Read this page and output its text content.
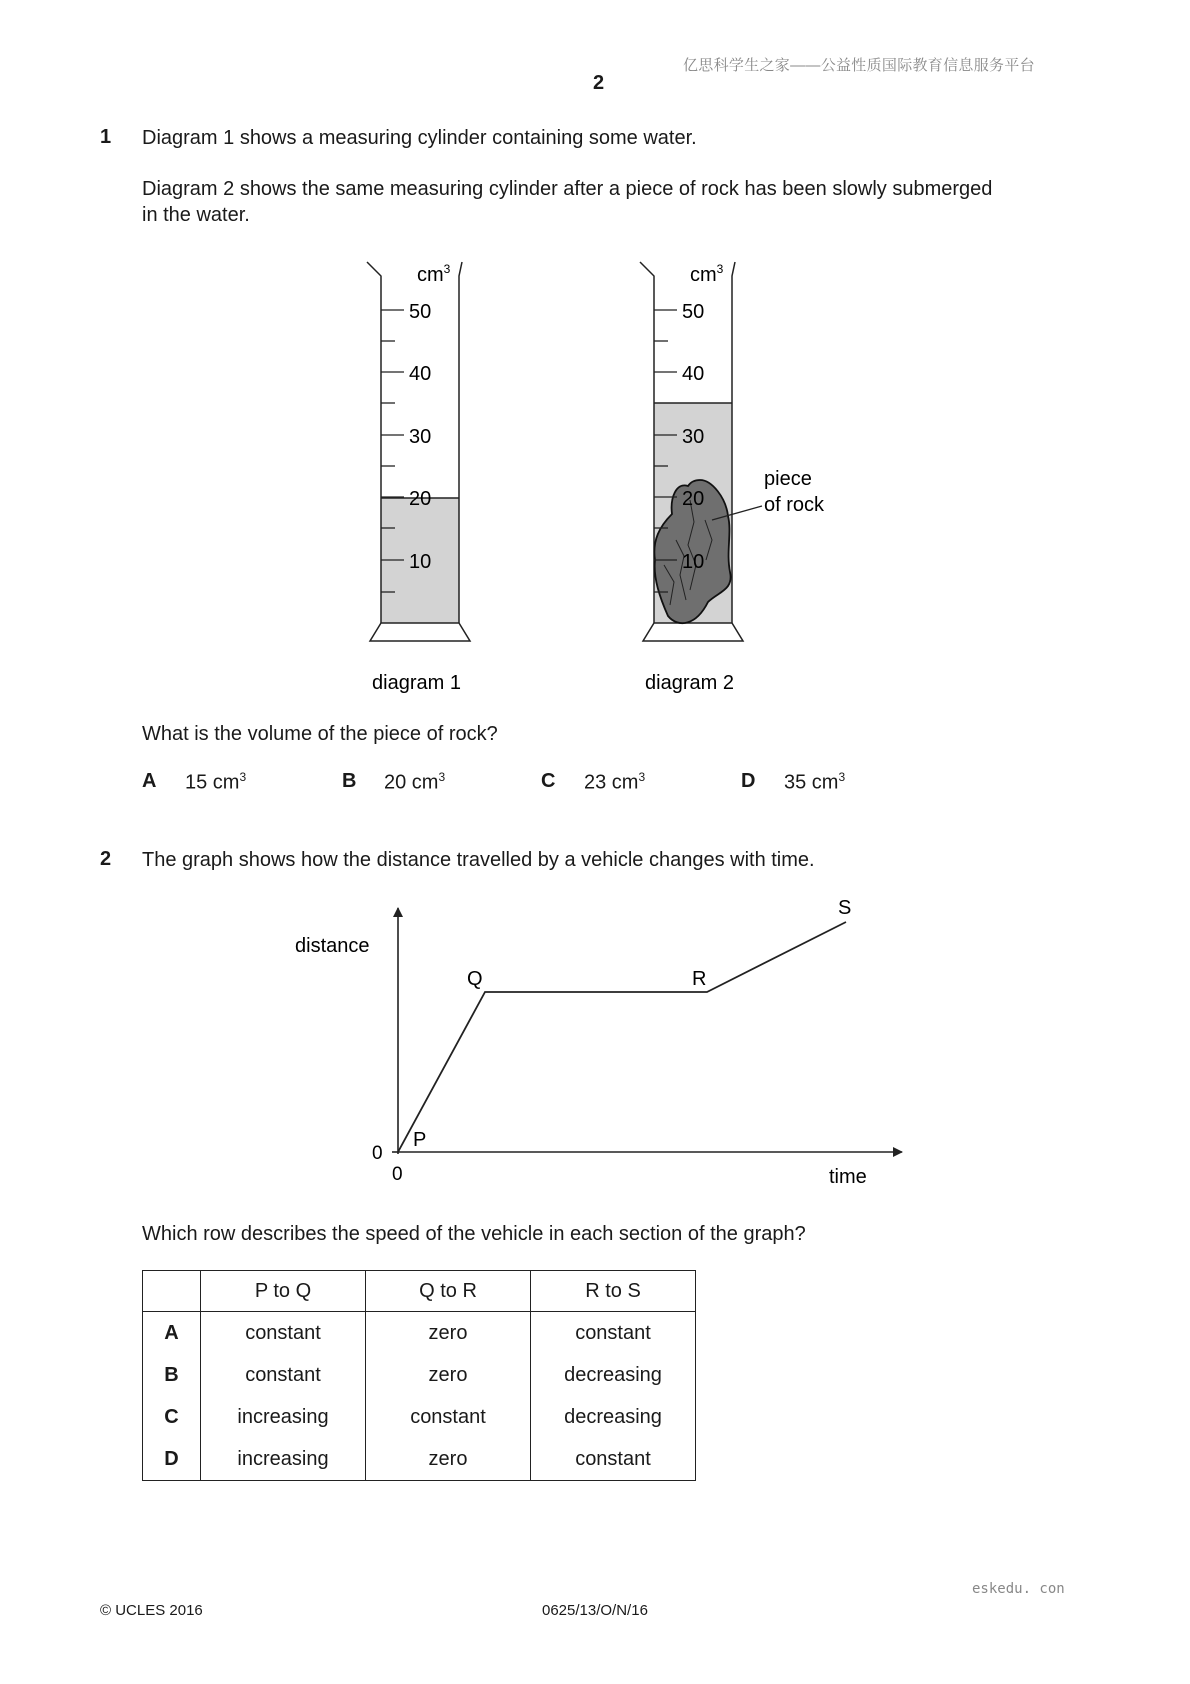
亿思科学生之家——公益性质国际教育信息服务平台
2
1 Diagram 1 shows a measuring cylinder containing some water.
Diagram 2 shows the same measuring cylinder after a piece of rock has been slowly submerged
in the water.
$cm^3$
50
40
30
20
10
diagram 1
$cm^3$
50
40
30
20
10
piece
of rock
diagram 2
What is the volume of the piece of rock?
A 15 $cm^3$	B 20 $cm^3$	C 23 $cm^3$	D 35 $cm^3$
2 The graph shows how the distance travelled by a vehicle changes with time.
distance
time
0
0
P
Q	R
S
Which row describes the speed of the vehicle in each section of the graph?
	P to Q	Q to R	R to S
A	constant	zero	constant
B	constant	zero	decreasing
C	increasing	constant	decreasing
D	increasing	zero	constant
eskedu. con
© UCLES 2016	0625/13/O/N/16
